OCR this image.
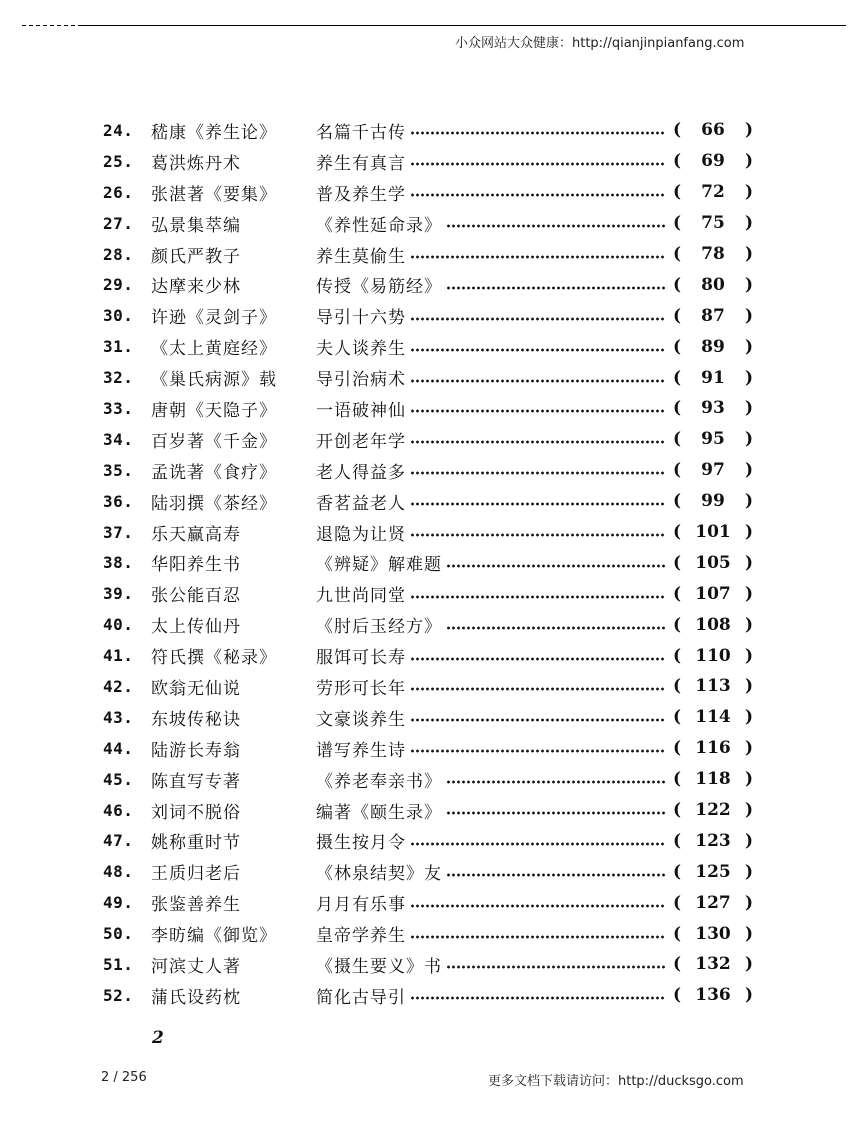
小众网站大众健康：http://qianjinpianfang.com
24.	嵇康《养生论》	名篇千古传	(	66	)
25.	葛洪炼丹术	养生有真言	(	69	)
26.	张湛著《要集》	普及养生学	(	72	)
27.	弘景集萃编	《养性延命录》	(	75	)
28.	颜氏严教子	养生莫偷生	(	78	)
29.	达摩来少林	传授《易筋经》	(	80	)
30.	许逊《灵剑子》	导引十六势	(	87	)
31.	《太上黄庭经》	夫人谈养生	(	89	)
32.	《巢氏病源》载	导引治病术	(	91	)
33.	唐朝《天隐子》	一语破神仙	(	93	)
34.	百岁著《千金》	开创老年学	(	95	)
35.	孟诜著《食疗》	老人得益多	(	97	)
36.	陆羽撰《茶经》	香茗益老人	(	99	)
37.	乐天赢高寿	退隐为让贤	( 101 )
38.	华阳养生书	《辨疑》解难题	( 105 )
39.	张公能百忍	九世尚同堂	( 107 )
40.	太上传仙丹	《肘后玉经方》	( 108 )
41.	符氏撰《秘录》	服饵可长寿	( 110 )
42.	欧翁无仙说	劳形可长年	( 113 )
43.	东坡传秘诀	文豪谈养生	( 114 )
44.	陆游长寿翁	谱写养生诗	( 116 )
45.	陈直写专著	《养老奉亲书》	( 118 )
46.	刘词不脱俗	编著《颐生录》	( 122 )
47.	姚称重时节	摄生按月令	( 123 )
48.	王质归老后	《林泉结契》友	( 125 )
49.	张鉴善养生	月月有乐事	( 127 )
50.	李昉编《御览》	皇帝学养生	( 130 )
51.	河滨丈人著	《摄生要义》书	( 132 )
52.	蒲氏设药枕	简化古导引	( 136 )
2
2 / 256	更多文档下载请访问：http://ducksgo.com
